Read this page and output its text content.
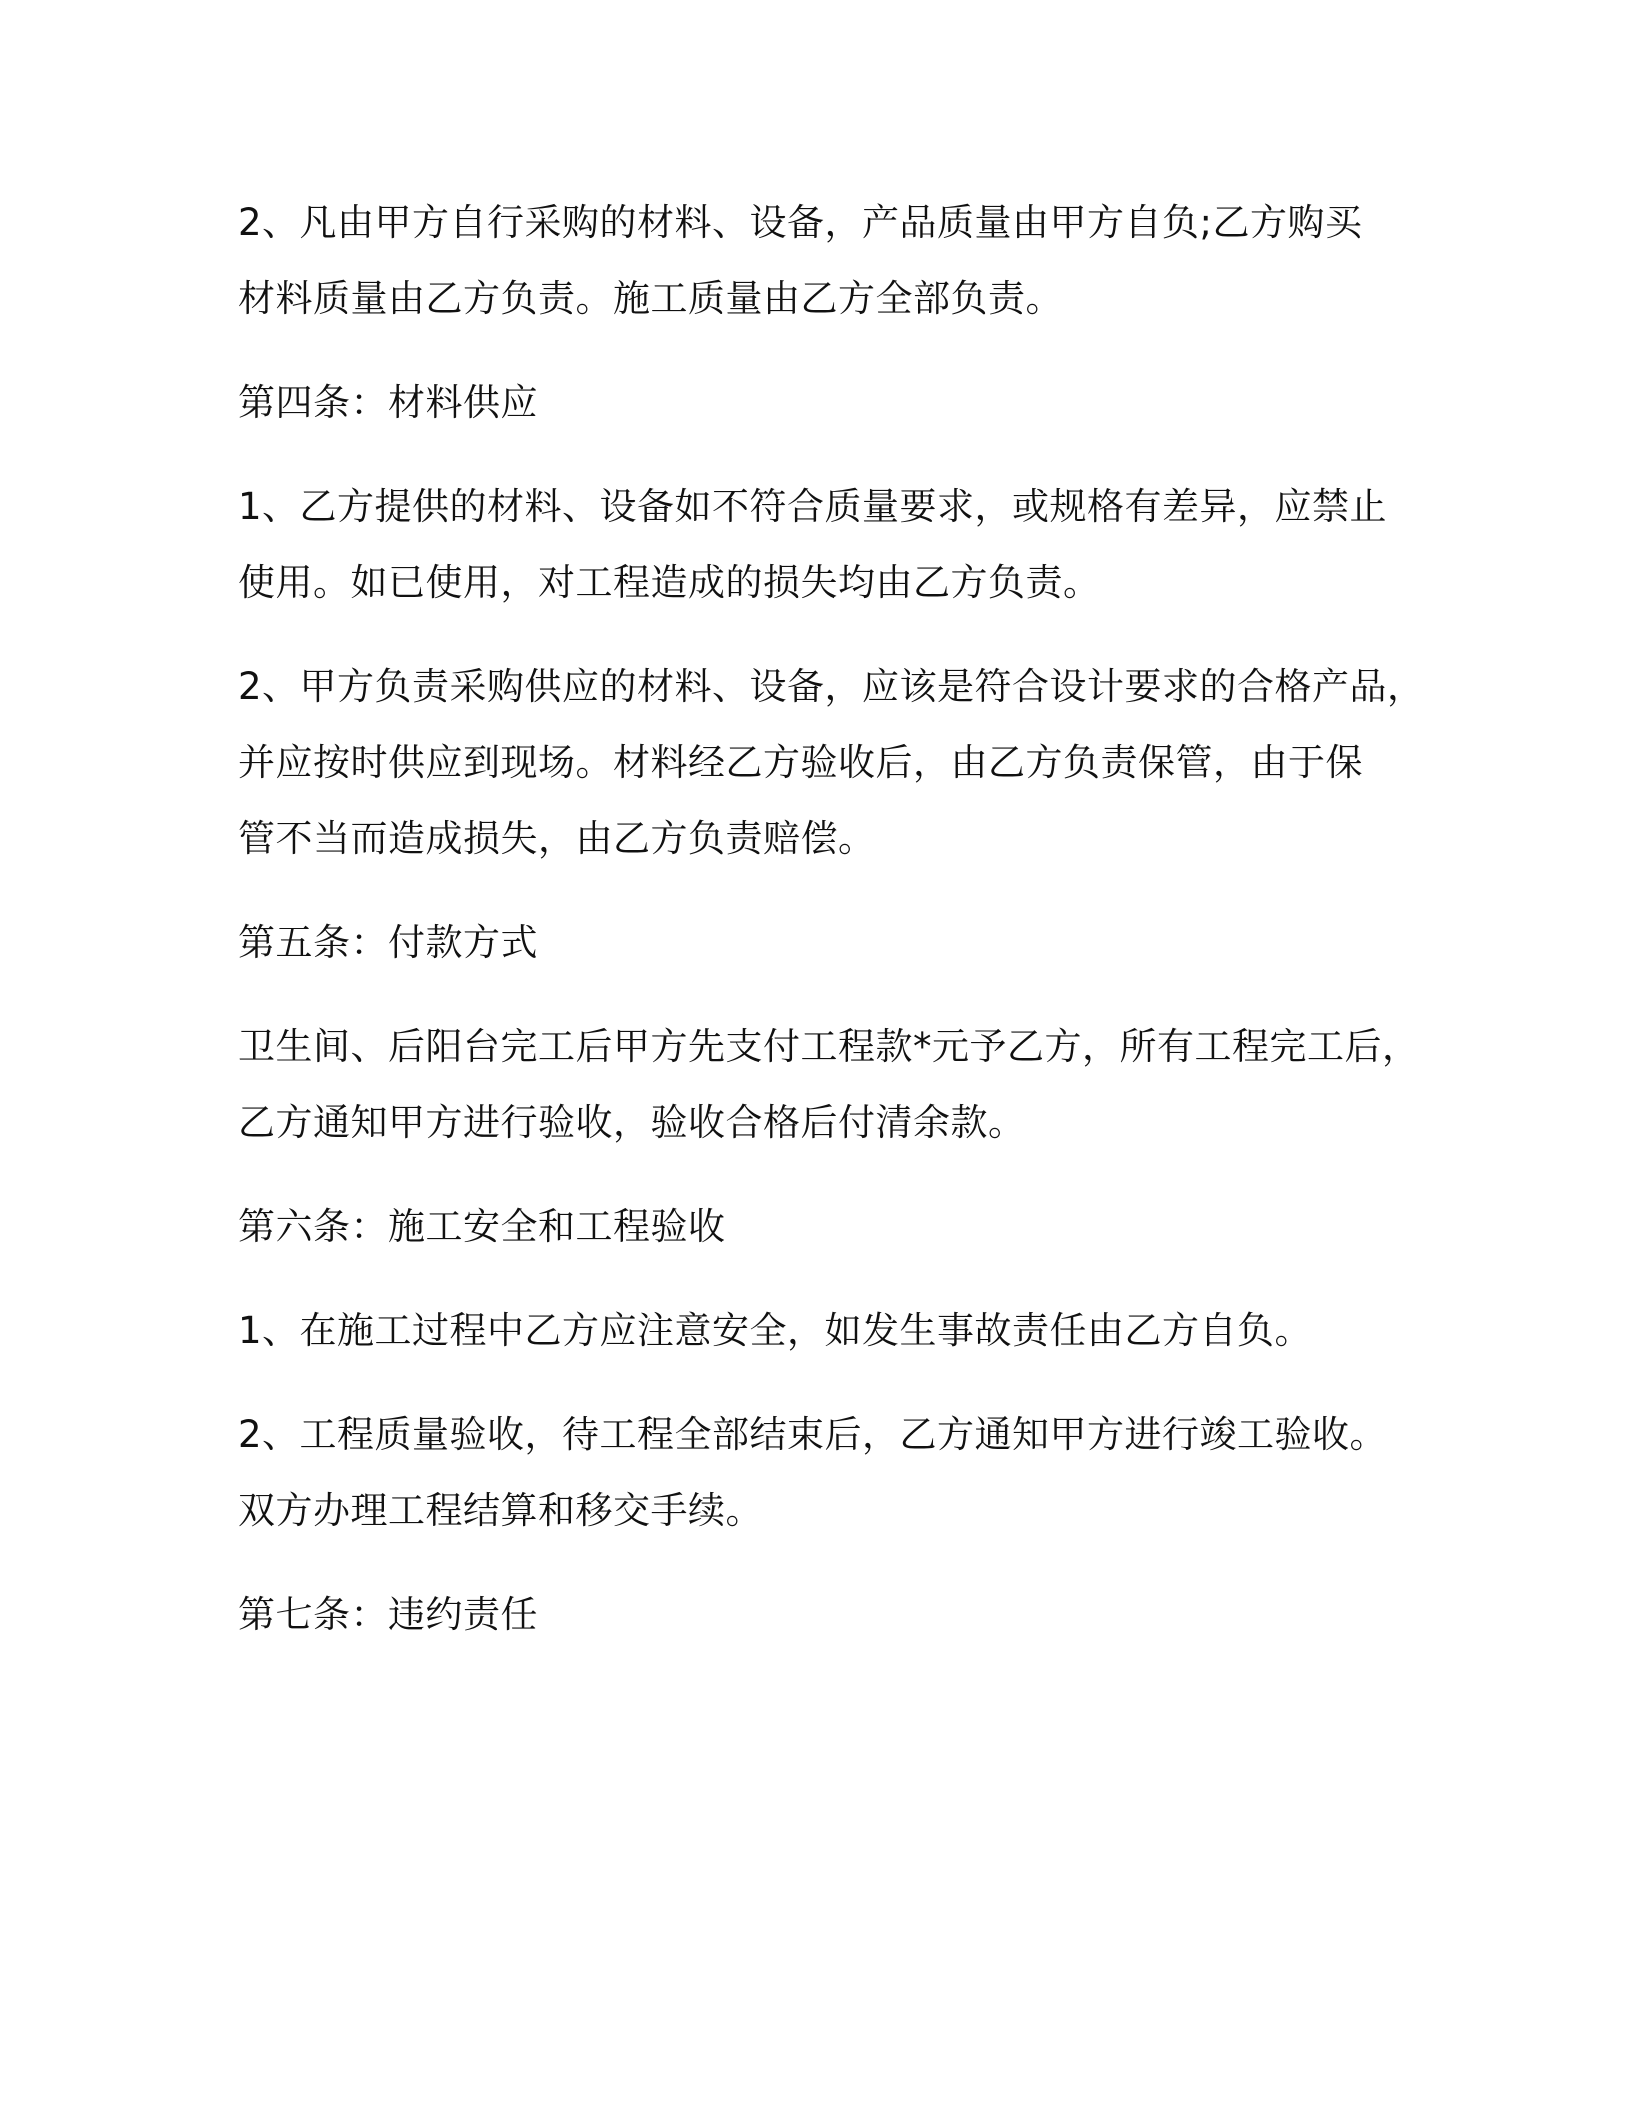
2、凡由甲方自行采购的材料、设备，产品质量由甲方自负;乙方购买
材料质量由乙方负责。施工质量由乙方全部负责。
第四条：材料供应
1、乙方提供的材料、设备如不符合质量要求，或规格有差异，应禁止
使用。如已使用，对工程造成的损失均由乙方负责。
2、甲方负责采购供应的材料、设备，应该是符合设计要求的合格产品，
并应按时供应到现场。材料经乙方验收后，由乙方负责保管，由于保
管不当而造成损失，由乙方负责赔偿。
第五条：付款方式
卫生间、后阳台完工后甲方先支付工程款*元予乙方，所有工程完工后，
乙方通知甲方进行验收，验收合格后付清余款。
第六条：施工安全和工程验收
1、在施工过程中乙方应注意安全，如发生事故责任由乙方自负。
2、工程质量验收，待工程全部结束后，乙方通知甲方进行竣工验收。
双方办理工程结算和移交手续。
第七条：违约责任
